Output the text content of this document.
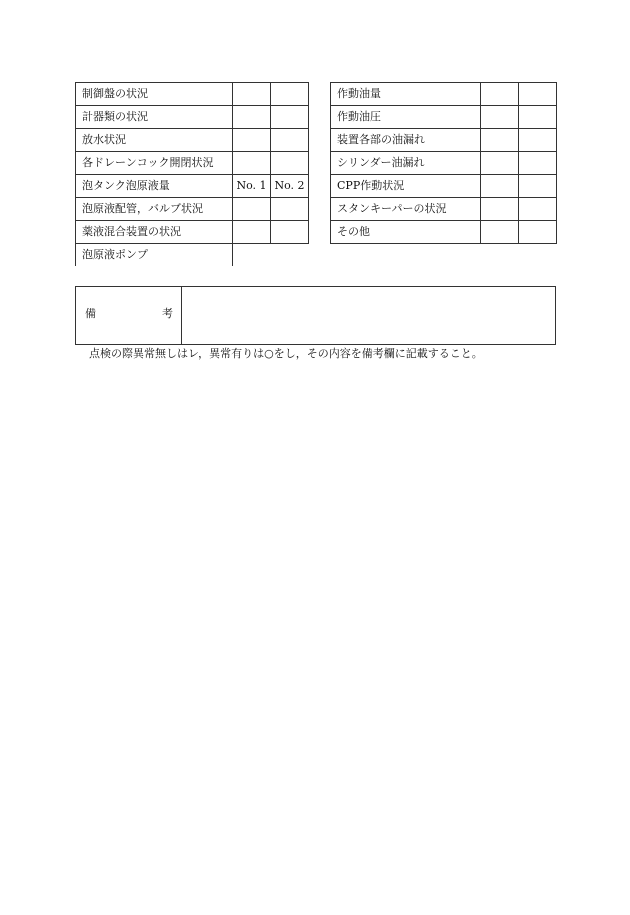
制御盤の状況		
計器類の状況		
放水状況		
各ドレーンコック開閉状況		
泡タンク泡原液量	No. 1	No. 2
泡原液配管，バルブ状況		
薬液混合装置の状況		
泡原液ポンプ		
作動油量		
作動油圧		
装置各部の油漏れ		
シリンダー油漏れ		
CPP作動状況		
スタンキーパーの状況		
その他		
備	考
点検の際異常無しはレ，異常有りは○をし，その内容を備考欄に記載すること。
